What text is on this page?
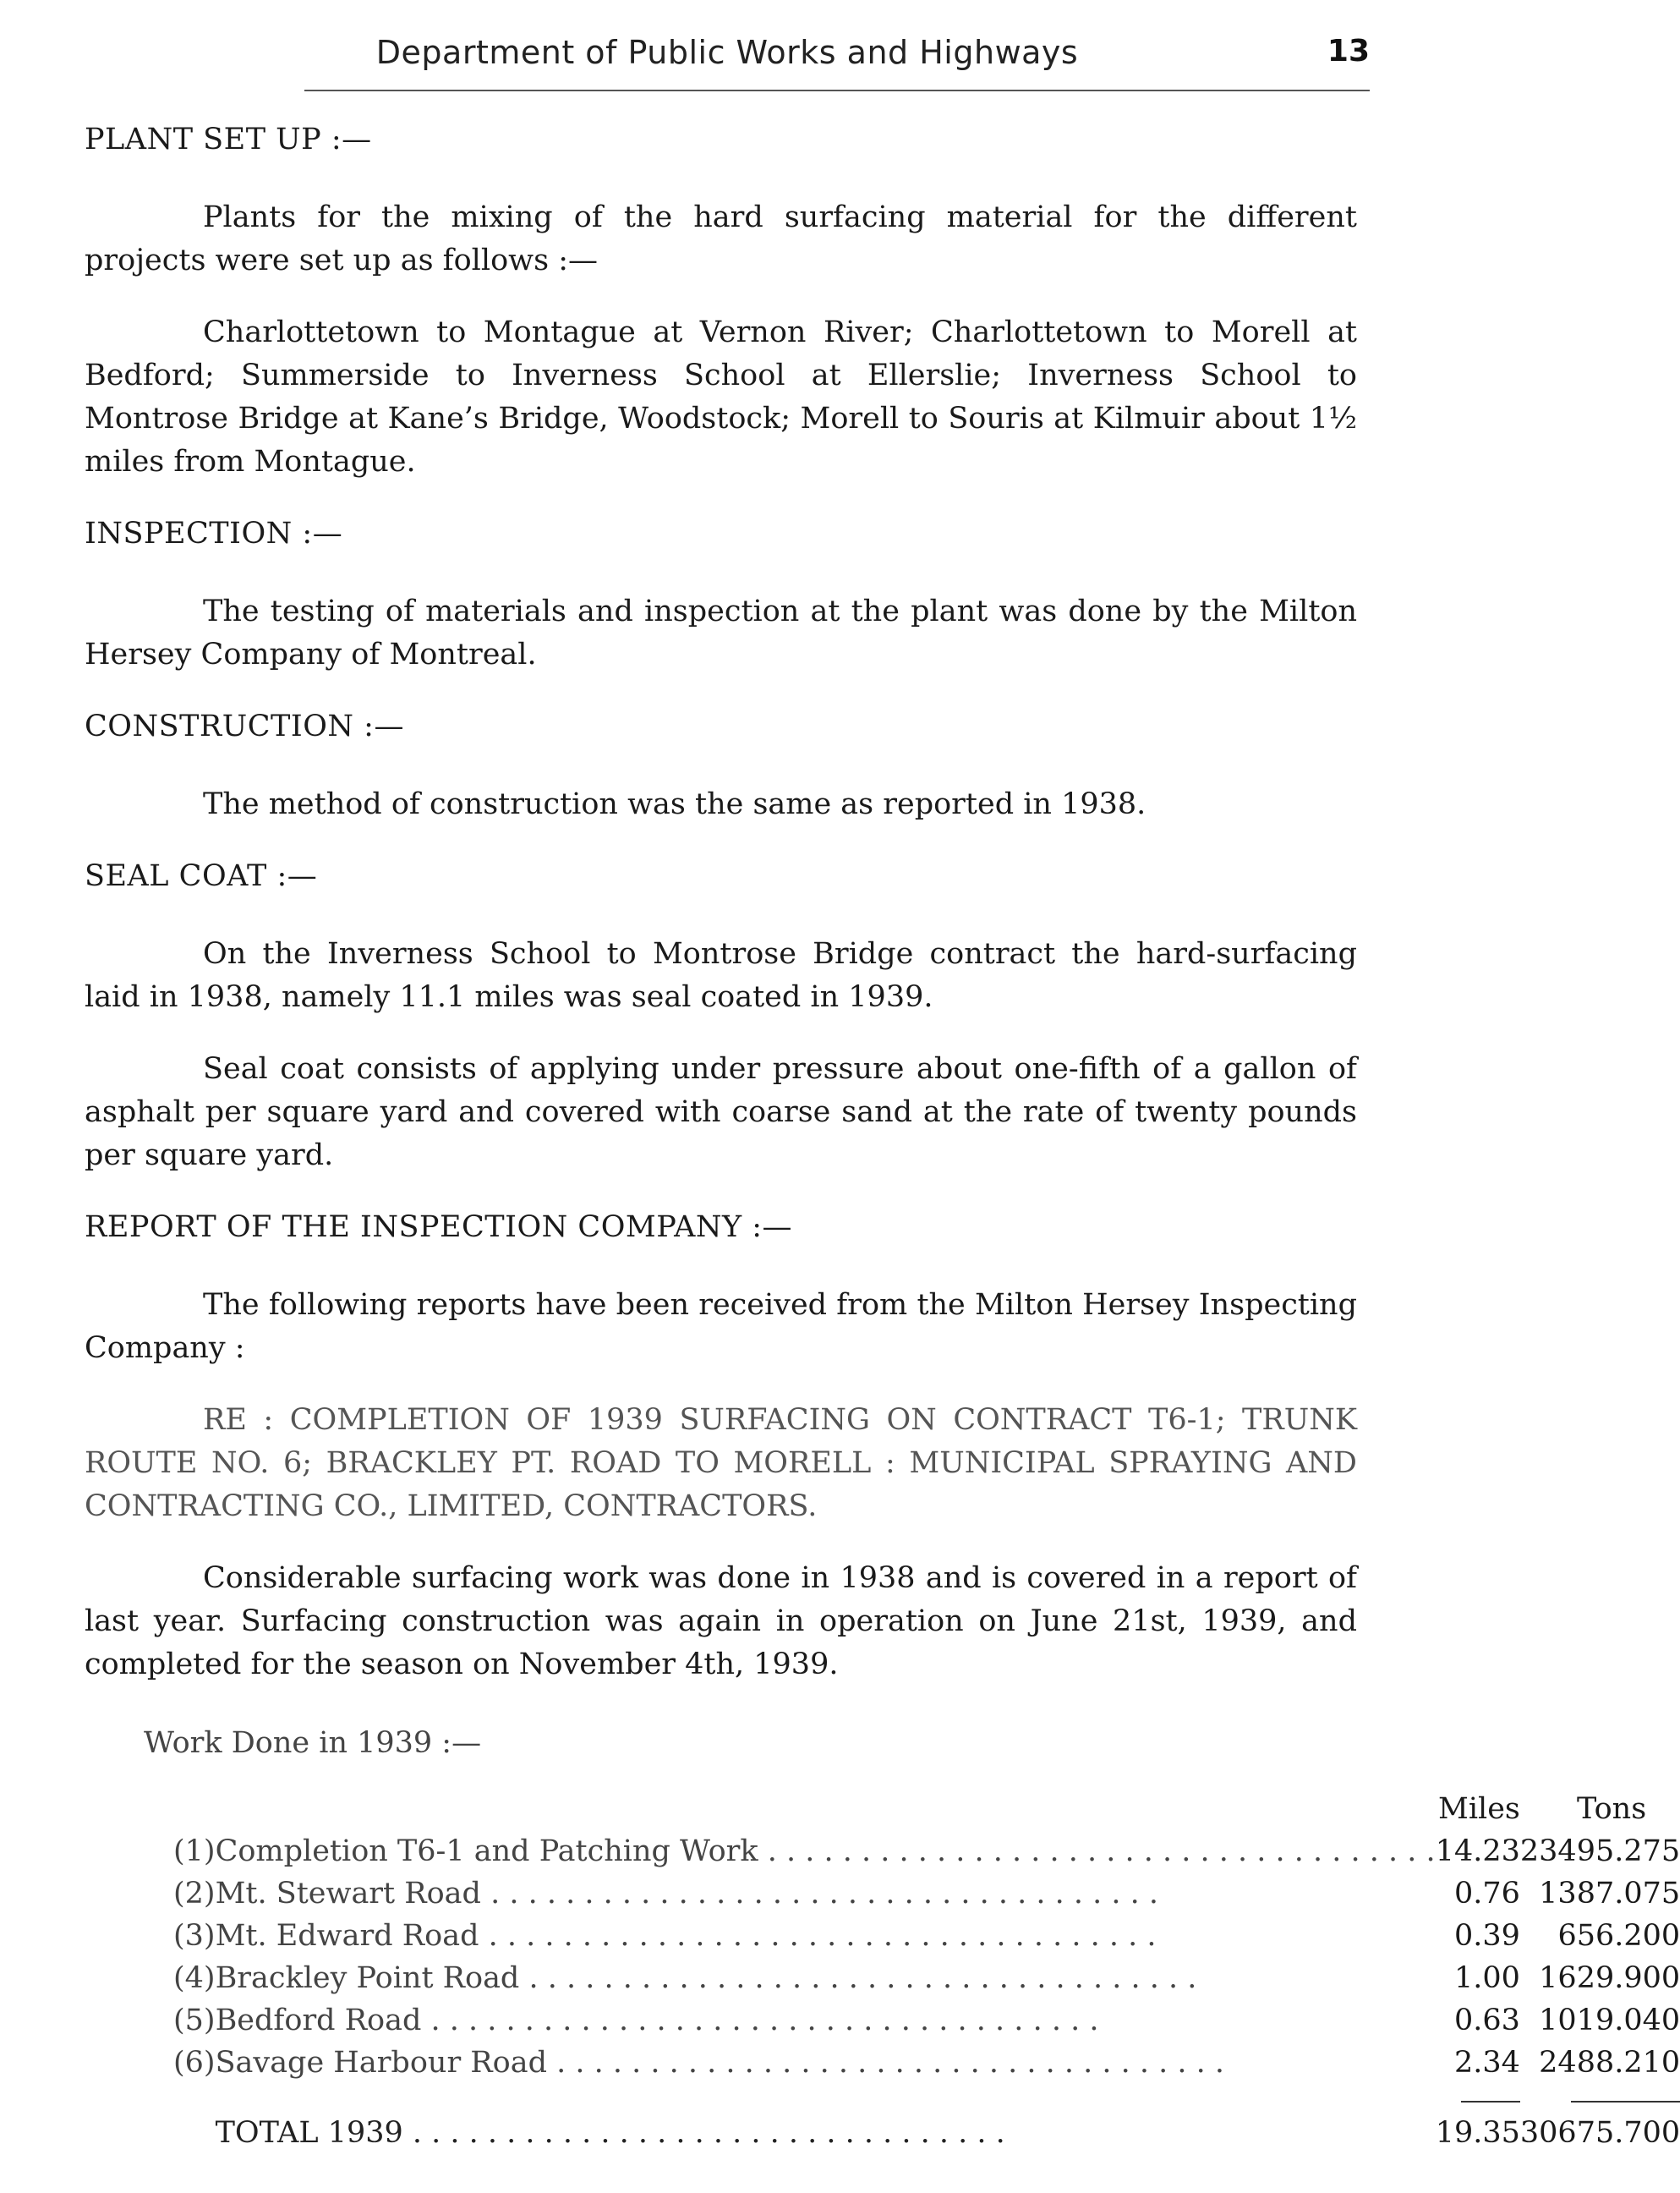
Department of Public Works and Highways	13
PLANT SET UP :—

Plants for the mixing of the hard surfacing material for the different projects were set up as follows :—

Charlottetown to Montague at Vernon River; Charlottetown to Morell at Bedford; Summerside to Inverness School at Ellerslie; Inverness School to Montrose Bridge at Kane’s Bridge, Woodstock; Morell to Souris at Kilmuir about 1½ miles from Montague.

INSPECTION :—

The testing of materials and inspection at the plant was done by the Milton Hersey Company of Montreal.

CONSTRUCTION :—

The method of construction was the same as reported in 1938.

SEAL COAT :—

On the Inverness School to Montrose Bridge contract the hard-surfacing laid in 1938, namely 11.1 miles was seal coated in 1939.

Seal coat consists of applying under pressure about one-fifth of a gallon of asphalt per square yard and covered with coarse sand at the rate of twenty pounds per square yard.

REPORT OF THE INSPECTION COMPANY :—

The following reports have been received from the Milton Hersey Inspecting Company :

RE : COMPLETION OF 1939 SURFACING ON CONTRACT T6-1; TRUNK ROUTE NO. 6; BRACKLEY PT. ROAD TO MORELL : MUNICIPAL SPRAYING AND CONTRACTING CO., LIMITED, CONTRACTORS.

Considerable surfacing work was done in 1938 and is covered in a report of last year. Surfacing construction was again in operation on June 21st, 1939, and completed for the season on November 4th, 1939.

Work Done in 1939 :—
		Miles	Tons
(1)	Completion T6-1 and Patching Work . . . . . . . . . . . . . . . . . . . . . . . . . . . . . . . . . . . .	14.23	23495.275
(2)	Mt. Stewart Road . . . . . . . . . . . . . . . . . . . . . . . . . . . . . . . . . . . .	0.76	1387.075
(3)	Mt. Edward Road . . . . . . . . . . . . . . . . . . . . . . . . . . . . . . . . . . . .	0.39	656.200
(4)	Brackley Point Road . . . . . . . . . . . . . . . . . . . . . . . . . . . . . . . . . . . .	1.00	1629.900
(5)	Bedford Road . . . . . . . . . . . . . . . . . . . . . . . . . . . . . . . . . . . .	0.63	1019.040
(6)	Savage Harbour Road . . . . . . . . . . . . . . . . . . . . . . . . . . . . . . . . . . . .	2.34	2488.210

	TOTAL 1939 . . . . . . . . . . . . . . . . . . . . . . . . . . . . . . . .	19.35	30675.700
